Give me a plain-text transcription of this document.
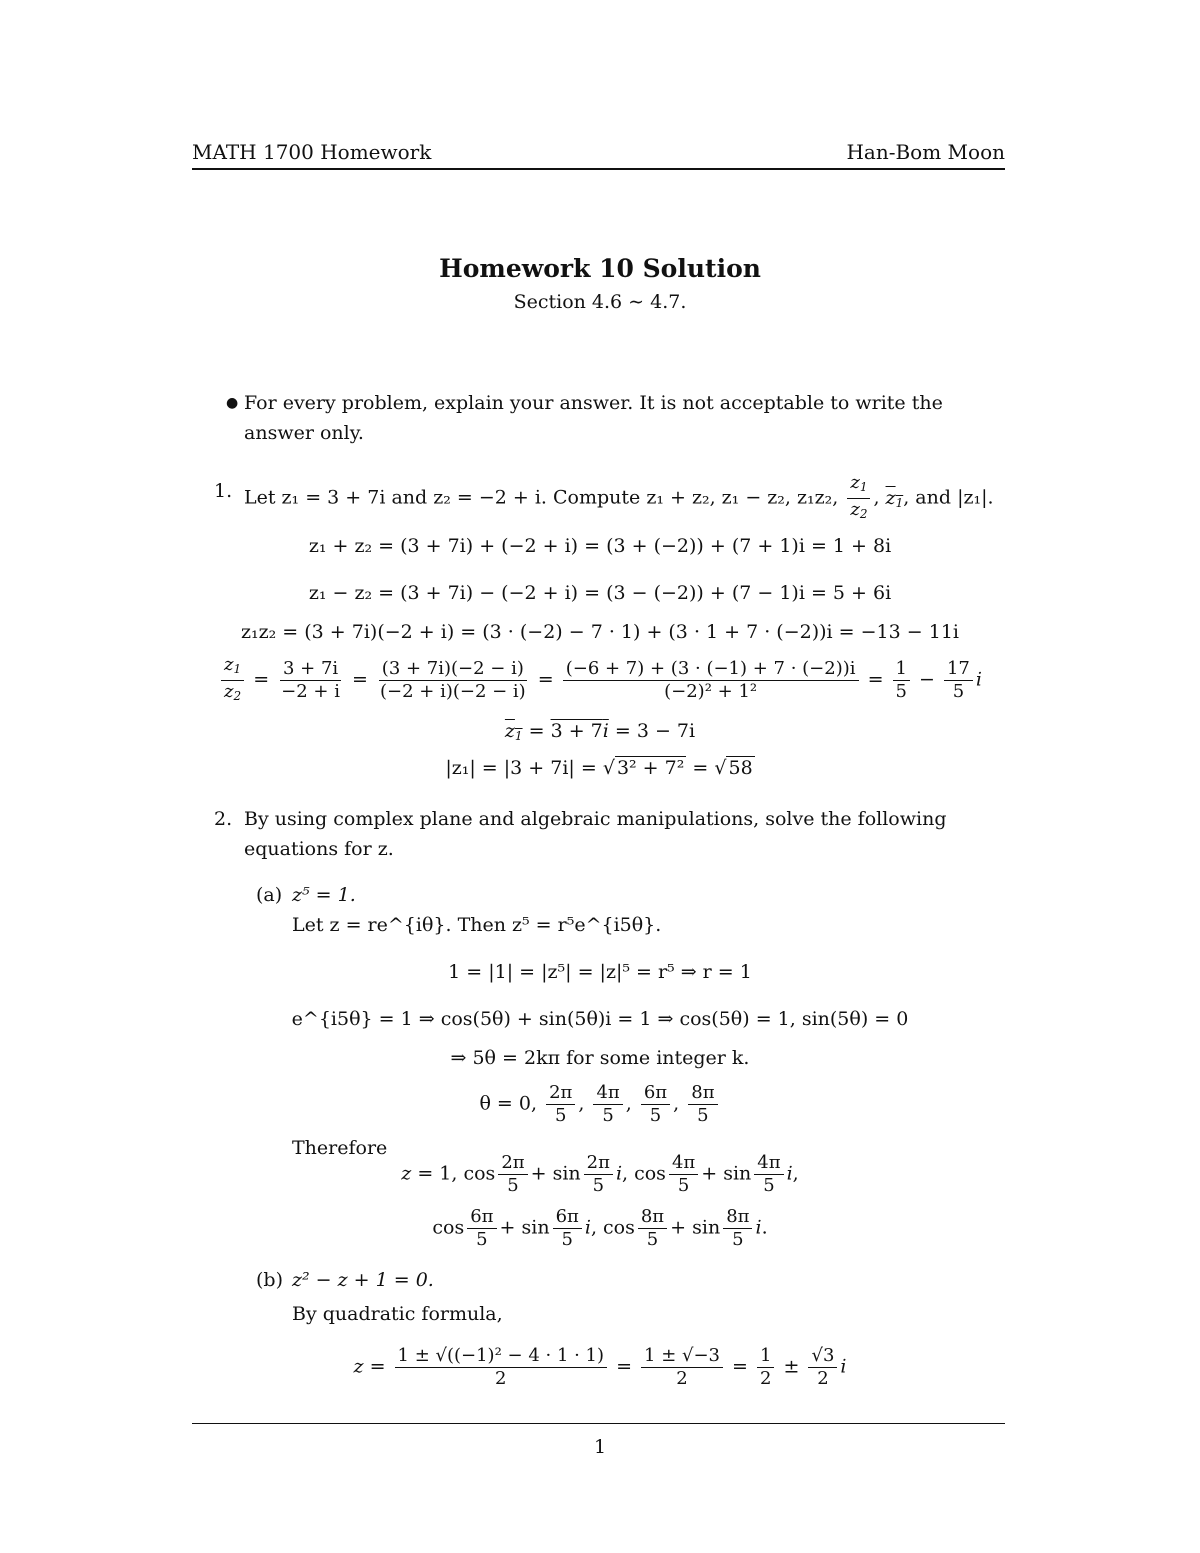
MATH 1700 Homework	Han-Bom Moon
Homework 10 Solution
Section 4.6 ∼ 4.7.
● For every problem, explain your answer. It is not acceptable to write the answer only.
1. Let z₁ = 3 + 7i and z₂ = −2 + i. Compute z₁ + z₂, z₁ − z₂, z₁z₂, $\frac{z_1}{z_2}$ , $z_1$, and |z₁|.
z₁ + z₂ = (3 + 7i) + (−2 + i) = (3 + (−2)) + (7 + 1)i = 1 + 8i
z₁ − z₂ = (3 + 7i) − (−2 + i) = (3 − (−2)) + (7 − 1)i = 5 + 6i
z₁z₂ = (3 + 7i)(−2 + i) = (3 · (−2) − 7 · 1) + (3 · 1 + 7 · (−2))i = −13 − 11i
$\frac{z_1}{z_2} = \frac{3 + 7i}{-2 + i} = \frac{(3 + 7i)(-2 - i)}{(-2 + i)(-2 - i)} = \frac{(-6 + 7) + (3 \cdot (-1) + 7 \cdot (-2))i}{\text{(−2)² + 1²}} = \frac{1}{5} - \frac{17}{5}$ i
$z_1 = 3 + 7i = 3 - 7i$
|z₁| = |3 + 7i| = √ 3² + 7² = √ 58
2. By using complex plane and algebraic manipulations, solve the following equations for z.
(a) z⁵ = 1.
Let z = re^{iθ}. Then z⁵ = r⁵e^{i5θ}.
1 = |1| = |z⁵| = |z|⁵ = r⁵ ⇒ r = 1
e^{i5θ} = 1 ⇒ cos(5θ) + sin(5θ)i = 1 ⇒ cos(5θ) = 1, sin(5θ) = 0
⇒ 5θ = 2kπ for some integer k.
θ = 0, $\frac{2\pi}{5}$ , $\frac{4\pi}{5}$ , $\frac{6\pi}{5}$ , $\frac{8\pi}{5}$
Therefore
z = 1, $\cos \frac{2\pi}{5} + \sin \frac{2\pi}{5} i$, $\cos \frac{4\pi}{5} + \sin \frac{4\pi}{5} i$,
$\cos \frac{6\pi}{5} + \sin \frac{6\pi}{5} i$, $\cos \frac{8\pi}{5} + \sin \frac{8\pi}{5} i$.
(b) z² − z + 1 = 0.
By quadratic formula,
$z = \frac{\text{1 ± √((−1)² − 4 · 1 · 1)}}{2} = \frac{1 \pm √-3}{2} = \frac{1}{2} \pm \frac{√3}{2}$ i
1
